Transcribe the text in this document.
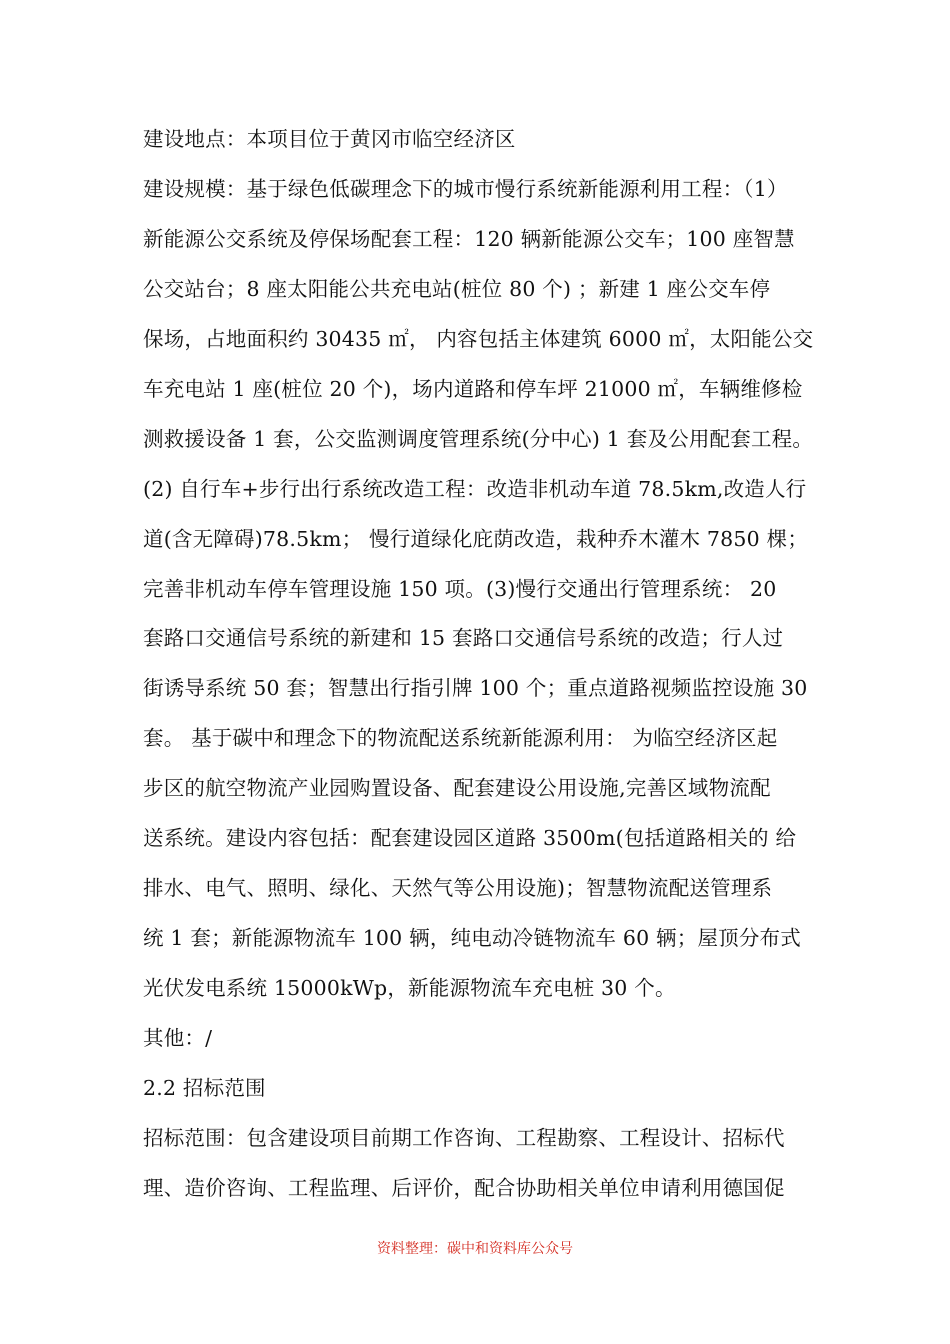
建设地点：本项目位于黄冈市临空经济区
建设规模：基于绿色低碳理念下的城市慢行系统新能源利用工程：（1）
新能源公交系统及停保场配套工程：120 辆新能源公交车；100 座智慧
公交站台；8 座太阳能公共充电站(桩位 80 个) ；新建 1 座公交车停
保场，占地面积约 30435 ㎡， 内容包括主体建筑 6000 ㎡，太阳能公交
车充电站 1 座(桩位 20 个)，场内道路和停车坪 21000 ㎡，车辆维修检
测救援设备 1 套，公交监测调度管理系统(分中心) 1 套及公用配套工程。
(2) 自行车+步行出行系统改造工程：改造非机动车道 78.5km,改造人行
道(含无障碍)78.5km； 慢行道绿化庇荫改造，栽种乔木灌木 7850 棵；
完善非机动车停车管理设施 150 项。(3)慢行交通出行管理系统： 20
套路口交通信号系统的新建和 15 套路口交通信号系统的改造；行人过
街诱导系统 50 套；智慧出行指引牌 100 个；重点道路视频监控设施 30
套。 基于碳中和理念下的物流配送系统新能源利用： 为临空经济区起
步区的航空物流产业园购置设备、配套建设公用设施,完善区域物流配
送系统。建设内容包括：配套建设园区道路 3500m(包括道路相关的 给
排水、电气、照明、绿化、天然气等公用设施)；智慧物流配送管理系
统 1 套；新能源物流车 100 辆，纯电动冷链物流车 60 辆；屋顶分布式
光伏发电系统 15000kWp，新能源物流车充电桩 30 个。
其他：/
2.2 招标范围
招标范围：包含建设项目前期工作咨询、工程勘察、工程设计、招标代
理、造价咨询、工程监理、后评价，配合协助相关单位申请利用德国促
资料整理：碳中和资料库公众号
